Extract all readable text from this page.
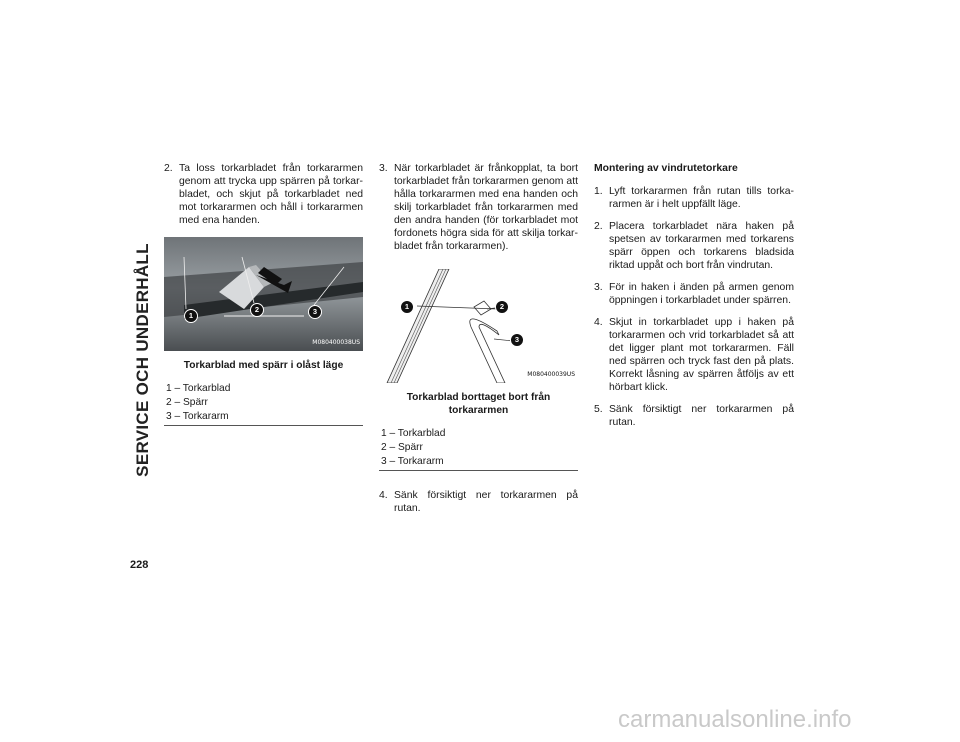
SERVICE OCH UNDERHÅLL
2. Ta loss torkarbladet från torkararmen genom att trycka upp spärren på torkarbladet, och skjut på torkarbladet ned mot torkararmen och håll i torkararmen med ena handen.
1
2	3
M080400038US
Torkarblad med spärr i olåst läge
1 – Torkarblad
2 – Spärr
3 – Torkararm
3. När torkarbladet är frånkopplat, ta bort torkarbladet från torkararmen genom att hålla torkararmen med ena handen och skilj torkarbladet från torkararmen med den andra handen (för torkarbladet mot fordonets högra sida för att skilja torkarbladet från torkararmen).
1	2
3
M080400039US
Torkarblad borttaget bort från torkararmen
1 – Torkarblad
2 – Spärr
3 – Torkararm
4. Sänk försiktigt ner torkararmen på rutan.
Montering av vindrutetorkare
1. Lyft torkararmen från rutan tills torkararmen är i helt uppfällt läge.
2. Placera torkarbladet nära haken på spetsen av torkararmen med torkarens spärr öppen och torkarens bladsida riktad uppåt och bort från vindrutan.
3. För in haken i änden på armen genom öppningen i torkarbladet under spärren.
4. Skjut in torkarbladet upp i haken på torkararmen och vrid torkarbladet så att det ligger plant mot torkararmen. Fäll ned spärren och tryck fast den på plats. Korrekt låsning av spärren åtföljs av ett hörbart klick.
5. Sänk försiktigt ner torkararmen på rutan.
228
carmanualsonline.info
